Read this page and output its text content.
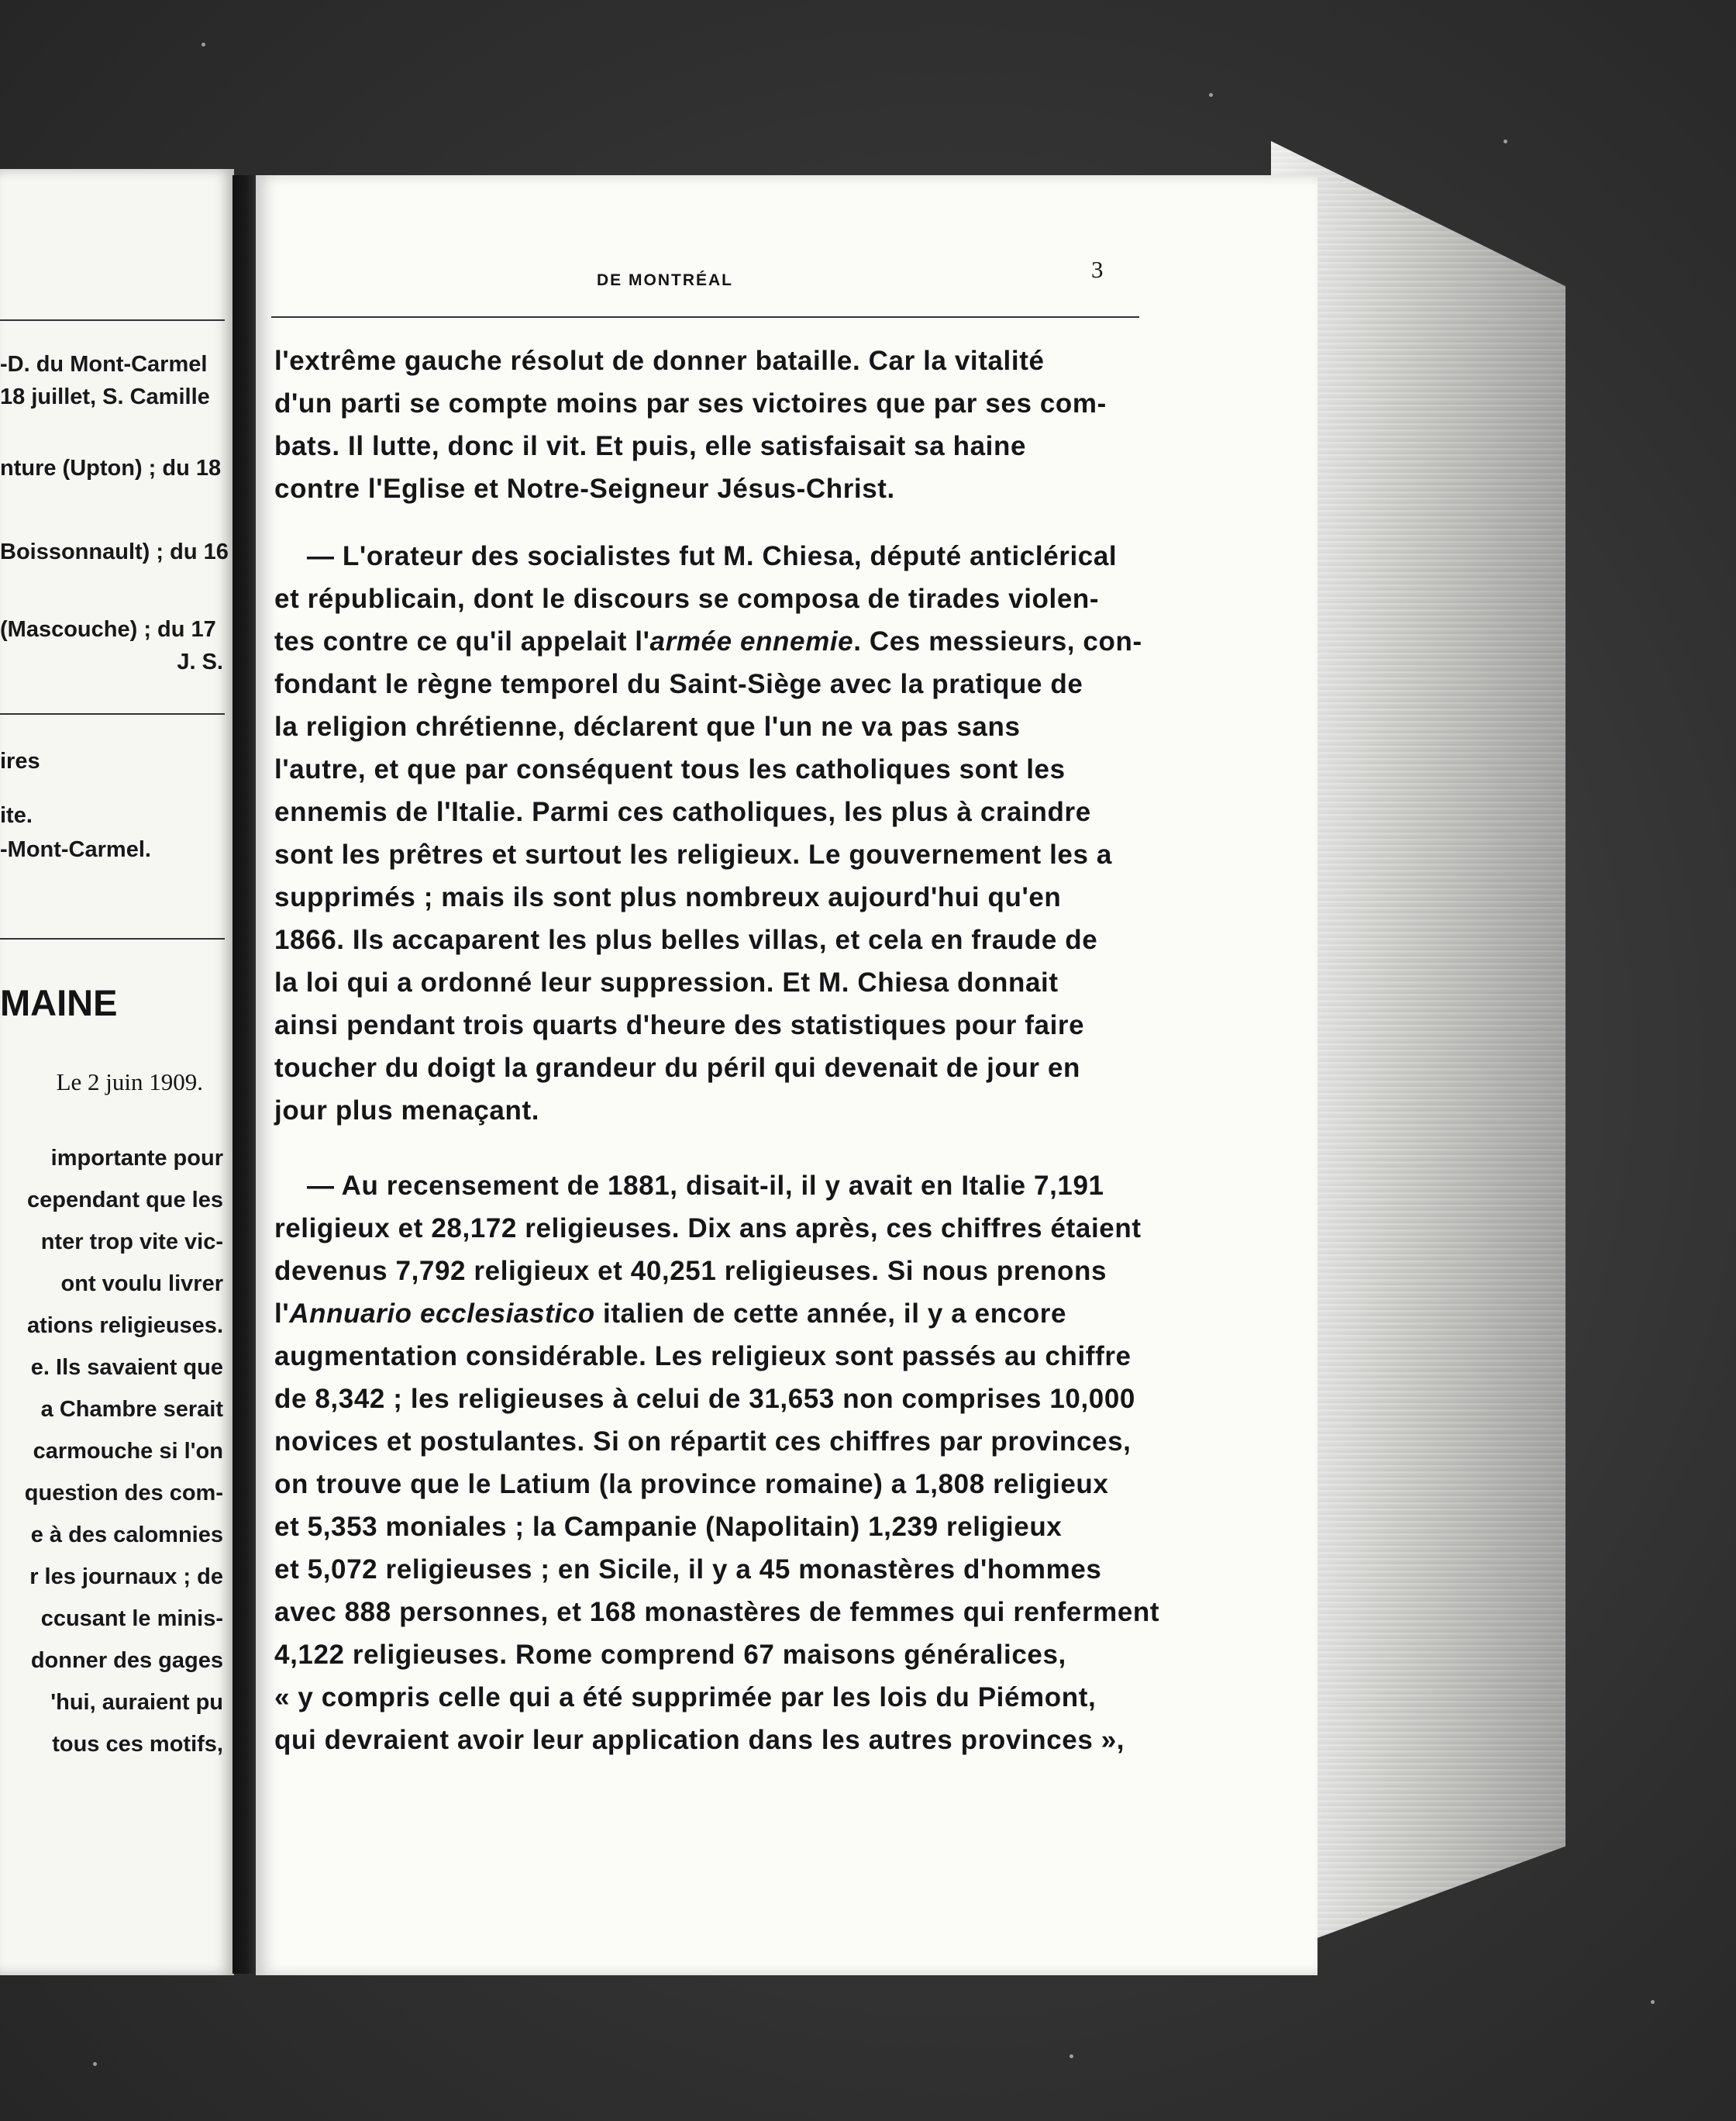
-D. du Mont-Carmel
18 juillet, S. Camille
nture (Upton) ; du 18
Boissonnault) ; du 16
(Mascouche) ; du 17
J. S.
ires
ite.
-Mont-Carmel.
MAINE
Le 2 juin 1909.
importante pour
cependant que les
nter trop vite vic-
ont voulu livrer
ations religieuses.
e. Ils savaient que
a Chambre serait
carmouche si l'on
question des com-
e à des calomnies
r les journaux ; de
ccusant le minis-
donner des gages
'hui, auraient pu
tous ces motifs,
DE MONTRÉAL	3
l'extrême gauche résolut de donner bataille. Car la vitalité
d'un parti se compte moins par ses victoires que par ses com-
bats. Il lutte, donc il vit. Et puis, elle satisfaisait sa haine
contre l'Eglise et Notre-Seigneur Jésus-Christ.
— L'orateur des socialistes fut M. Chiesa, député anticlérical
et républicain, dont le discours se composa de tirades violen-
tes contre ce qu'il appelait l'armée ennemie. Ces messieurs, con-
fondant le règne temporel du Saint-Siège avec la pratique de
la religion chrétienne, déclarent que l'un ne va pas sans
l'autre, et que par conséquent tous les catholiques sont les
ennemis de l'Italie. Parmi ces catholiques, les plus à craindre
sont les prêtres et surtout les religieux. Le gouvernement les a
supprimés ; mais ils sont plus nombreux aujourd'hui qu'en
1866. Ils accaparent les plus belles villas, et cela en fraude de
la loi qui a ordonné leur suppression. Et M. Chiesa donnait
ainsi pendant trois quarts d'heure des statistiques pour faire
toucher du doigt la grandeur du péril qui devenait de jour en
jour plus menaçant.
— Au recensement de 1881, disait-il, il y avait en Italie 7,191
religieux et 28,172 religieuses. Dix ans après, ces chiffres étaient
devenus 7,792 religieux et 40,251 religieuses. Si nous prenons
l'Annuario ecclesiastico italien de cette année, il y a encore
augmentation considérable. Les religieux sont passés au chiffre
de 8,342 ; les religieuses à celui de 31,653 non comprises 10,000
novices et postulantes. Si on répartit ces chiffres par provinces,
on trouve que le Latium (la province romaine) a 1,808 religieux
et 5,353 moniales ; la Campanie (Napolitain) 1,239 religieux
et 5,072 religieuses ; en Sicile, il y a 45 monastères d'hommes
avec 888 personnes, et 168 monastères de femmes qui renferment
4,122 religieuses. Rome comprend 67 maisons généralices,
« y compris celle qui a été supprimée par les lois du Piémont,
qui devraient avoir leur application dans les autres provinces »,
